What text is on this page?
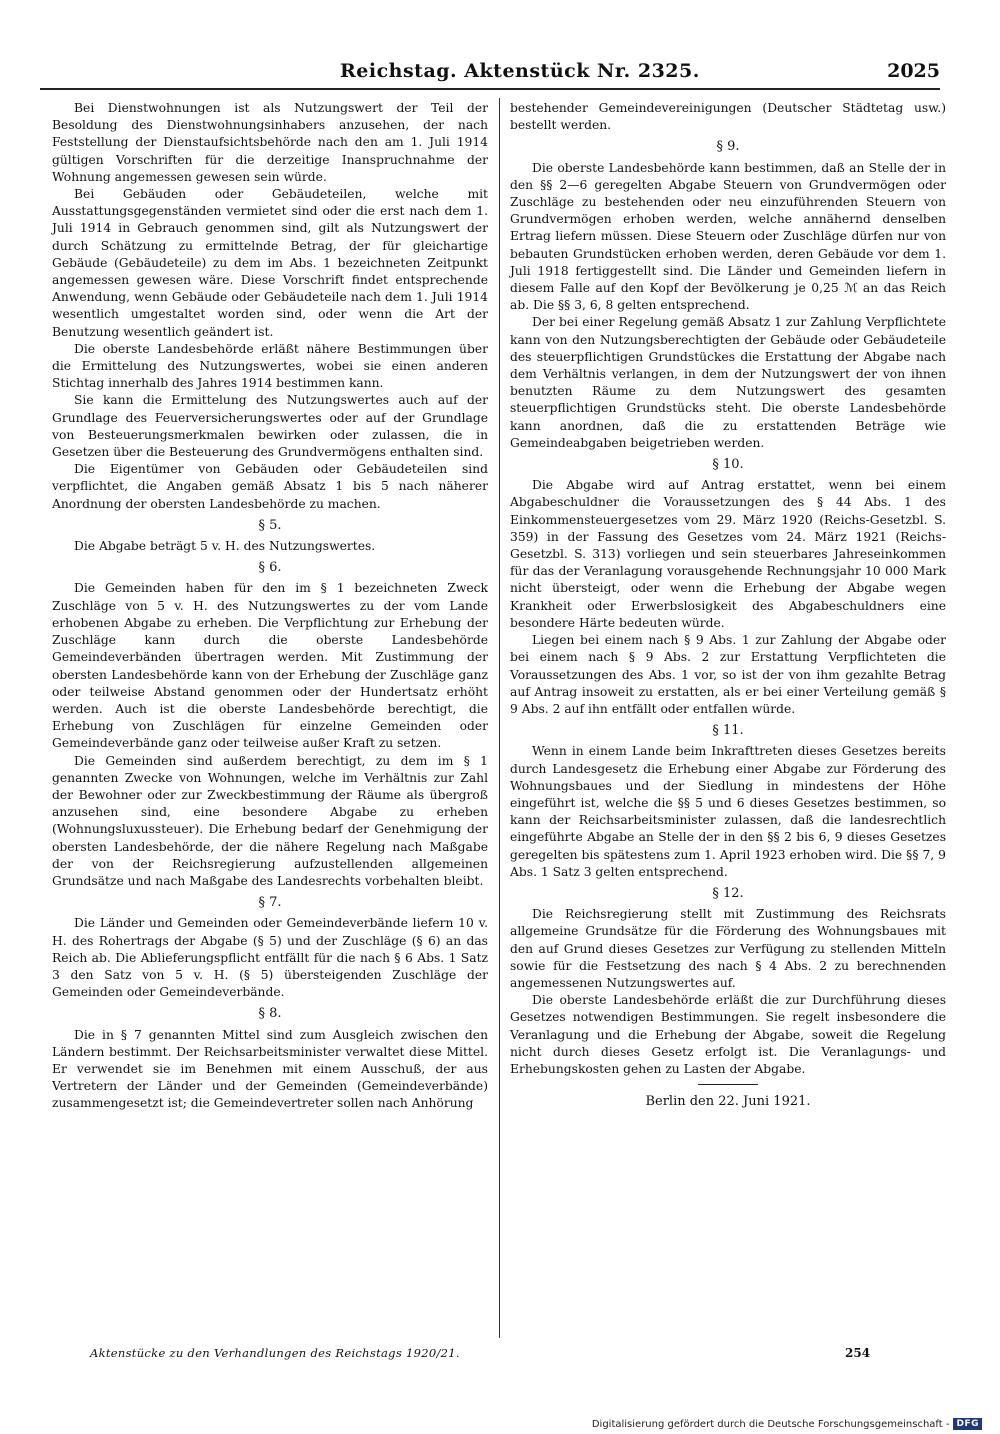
Reichstag. Aktenstück Nr. 2325.	2025

Bei Dienstwohnungen ist als Nutzungswert der Teil der Besoldung des Dienstwohnungsinhabers anzusehen, der nach Feststellung der Dienstaufsichtsbehörde nach den am 1. Juli 1914 gültigen Vorschriften für die derzeitige Inanspruchnahme der Wohnung angemessen gewesen sein würde.

Bei Gebäuden oder Gebäudeteilen, welche mit Ausstattungsgegenständen vermietet sind oder die erst nach dem 1. Juli 1914 in Gebrauch genommen sind, gilt als Nutzungswert der durch Schätzung zu ermittelnde Betrag, der für gleichartige Gebäude (Gebäudeteile) zu dem im Abs. 1 bezeichneten Zeitpunkt angemessen gewesen wäre. Diese Vorschrift findet entsprechende Anwendung, wenn Gebäude oder Gebäudeteile nach dem 1. Juli 1914 wesentlich umgestaltet worden sind, oder wenn die Art der Benutzung wesentlich geändert ist.

Die oberste Landesbehörde erläßt nähere Bestimmungen über die Ermittelung des Nutzungswertes, wobei sie einen anderen Stichtag innerhalb des Jahres 1914 bestimmen kann.

Sie kann die Ermittelung des Nutzungswertes auch auf der Grundlage des Feuerversicherungswertes oder auf der Grundlage von Besteuerungsmerkmalen bewirken oder zulassen, die in Gesetzen über die Besteuerung des Grundvermögens enthalten sind.

Die Eigentümer von Gebäuden oder Gebäudeteilen sind verpflichtet, die Angaben gemäß Absatz 1 bis 5 nach näherer Anordnung der obersten Landesbehörde zu machen.

§ 5.

Die Abgabe beträgt 5 v. H. des Nutzungswertes.

§ 6.

Die Gemeinden haben für den im § 1 bezeichneten Zweck Zuschläge von 5 v. H. des Nutzungswertes zu der vom Lande erhobenen Abgabe zu erheben. Die Verpflichtung zur Erhebung der Zuschläge kann durch die oberste Landesbehörde Gemeindeverbänden übertragen werden. Mit Zustimmung der obersten Landesbehörde kann von der Erhebung der Zuschläge ganz oder teilweise Abstand genommen oder der Hundertsatz erhöht werden. Auch ist die oberste Landesbehörde berechtigt, die Erhebung von Zuschlägen für einzelne Gemeinden oder Gemeindeverbände ganz oder teilweise außer Kraft zu setzen.

Die Gemeinden sind außerdem berechtigt, zu dem im § 1 genannten Zwecke von Wohnungen, welche im Verhältnis zur Zahl der Bewohner oder zur Zweckbestimmung der Räume als übergroß anzusehen sind, eine besondere Abgabe zu erheben (Wohnungsluxussteuer). Die Erhebung bedarf der Genehmigung der obersten Landesbehörde, der die nähere Regelung nach Maßgabe der von der Reichsregierung aufzustellenden allgemeinen Grundsätze und nach Maßgabe des Landesrechts vorbehalten bleibt.

§ 7.

Die Länder und Gemeinden oder Gemeindeverbände liefern 10 v. H. des Rohertrags der Abgabe (§ 5) und der Zuschläge (§ 6) an das Reich ab. Die Ablieferungspflicht entfällt für die nach § 6 Abs. 1 Satz 3 den Satz von 5 v. H. (§ 5) übersteigenden Zuschläge der Gemeinden oder Gemeindeverbände.

§ 8.

Die in § 7 genannten Mittel sind zum Ausgleich zwischen den Ländern bestimmt. Der Reichsarbeitsminister verwaltet diese Mittel. Er verwendet sie im Benehmen mit einem Ausschuß, der aus Vertretern der Länder und der Gemeinden (Gemeindeverbände) zusammengesetzt ist; die Gemeindevertreter sollen nach Anhörung

bestehender Gemeindevereinigungen (Deutscher Städtetag usw.) bestellt werden.

§ 9.

Die oberste Landesbehörde kann bestimmen, daß an Stelle der in den §§ 2—6 geregelten Abgabe Steuern von Grundvermögen oder Zuschläge zu bestehenden oder neu einzuführenden Steuern von Grundvermögen erhoben werden, welche annähernd denselben Ertrag liefern müssen. Diese Steuern oder Zuschläge dürfen nur von bebauten Grundstücken erhoben werden, deren Gebäude vor dem 1. Juli 1918 fertiggestellt sind. Die Länder und Gemeinden liefern in diesem Falle auf den Kopf der Bevölkerung je 0,25 ℳ an das Reich ab. Die §§ 3, 6, 8 gelten entsprechend.

Der bei einer Regelung gemäß Absatz 1 zur Zahlung Verpflichtete kann von den Nutzungsberechtigten der Gebäude oder Gebäudeteile des steuerpflichtigen Grundstückes die Erstattung der Abgabe nach dem Verhältnis verlangen, in dem der Nutzungswert der von ihnen benutzten Räume zu dem Nutzungswert des gesamten steuerpflichtigen Grundstücks steht. Die oberste Landesbehörde kann anordnen, daß die zu erstattenden Beträge wie Gemeindeabgaben beigetrieben werden.

§ 10.

Die Abgabe wird auf Antrag erstattet, wenn bei einem Abgabeschuldner die Voraussetzungen des § 44 Abs. 1 des Einkommensteuergesetzes vom 29. März 1920 (Reichs-Gesetzbl. S. 359) in der Fassung des Gesetzes vom 24. März 1921 (Reichs-Gesetzbl. S. 313) vorliegen und sein steuerbares Jahreseinkommen für das der Veranlagung vorausgehende Rechnungsjahr 10 000 Mark nicht übersteigt, oder wenn die Erhebung der Abgabe wegen Krankheit oder Erwerbslosigkeit des Abgabeschuldners eine besondere Härte bedeuten würde.

Liegen bei einem nach § 9 Abs. 1 zur Zahlung der Abgabe oder bei einem nach § 9 Abs. 2 zur Erstattung Verpflichteten die Voraussetzungen des Abs. 1 vor, so ist der von ihm gezahlte Betrag auf Antrag insoweit zu erstatten, als er bei einer Verteilung gemäß § 9 Abs. 2 auf ihn entfällt oder entfallen würde.

§ 11.

Wenn in einem Lande beim Inkrafttreten dieses Gesetzes bereits durch Landesgesetz die Erhebung einer Abgabe zur Förderung des Wohnungsbaues und der Siedlung in mindestens der Höhe eingeführt ist, welche die §§ 5 und 6 dieses Gesetzes bestimmen, so kann der Reichsarbeitsminister zulassen, daß die landesrechtlich eingeführte Abgabe an Stelle der in den §§ 2 bis 6, 9 dieses Gesetzes geregelten bis spätestens zum 1. April 1923 erhoben wird. Die §§ 7, 9 Abs. 1 Satz 3 gelten entsprechend.

§ 12.

Die Reichsregierung stellt mit Zustimmung des Reichsrats allgemeine Grundsätze für die Förderung des Wohnungsbaues mit den auf Grund dieses Gesetzes zur Verfügung zu stellenden Mitteln sowie für die Festsetzung des nach § 4 Abs. 2 zu berechnenden angemessenen Nutzungswertes auf.

Die oberste Landesbehörde erläßt die zur Durchführung dieses Gesetzes notwendigen Bestimmungen. Sie regelt insbesondere die Veranlagung und die Erhebung der Abgabe, soweit die Regelung nicht durch dieses Gesetz erfolgt ist. Die Veranlagungs- und Erhebungskosten gehen zu Lasten der Abgabe.

Berlin den 22. Juni 1921.
Aktenstücke zu den Verhandlungen des Reichstags 1920/21.	254
Digitalisierung gefördert durch die Deutsche Forschungsgemeinschaft - DFG
